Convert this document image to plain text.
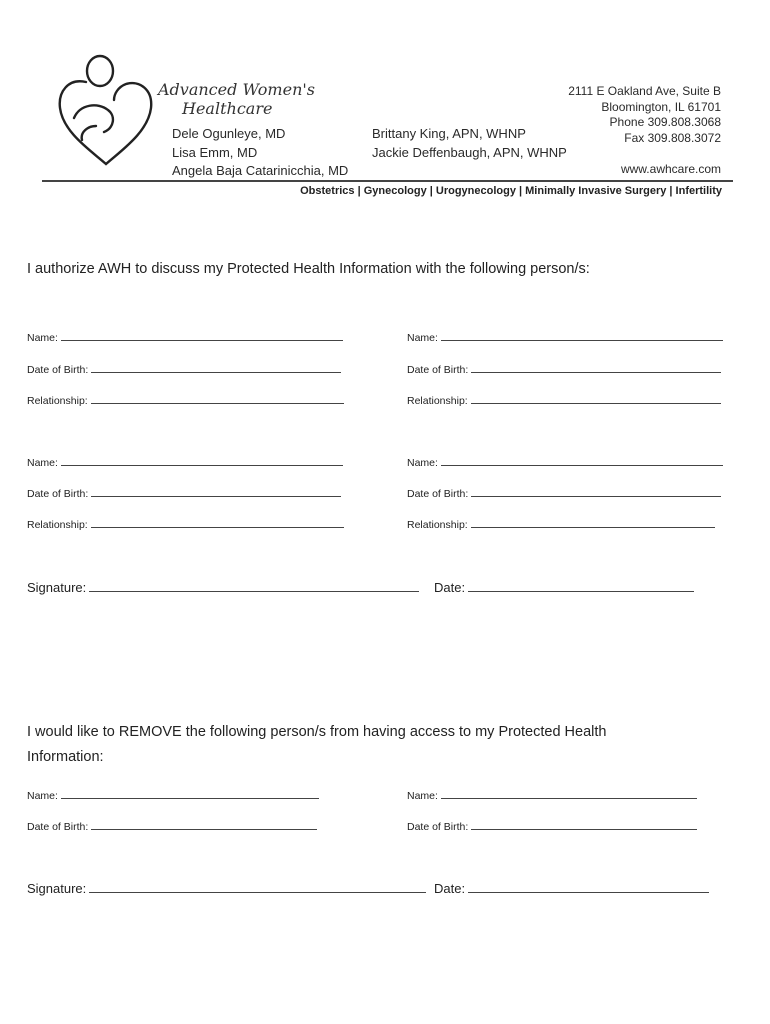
Advanced Women's
Healthcare
Dele Ogunleye, MD
Lisa Emm, MD
Angela Baja Catarinicchia, MD
Brittany King, APN, WHNP
Jackie Deffenbaugh, APN, WHNP
2111 E Oakland Ave, Suite B
Bloomington, IL 61701
Phone 309.808.3068
Fax 309.808.3072
www.awhcare.com
Obstetrics | Gynecology | Urogynecology | Minimally Invasive Surgery | Infertility
I authorize AWH to discuss my Protected Health Information with the following person/s:
Name:
Date of Birth:
Relationship:
Name:
Date of Birth:
Relationship:
Name:
Date of Birth:
Relationship:
Name:
Date of Birth:
Relationship:
Signature:	Date:
I would like to REMOVE the following person/s from having access to my Protected Health
Information:
Name:
Date of Birth:
Name:
Date of Birth:
Signature:	Date:
